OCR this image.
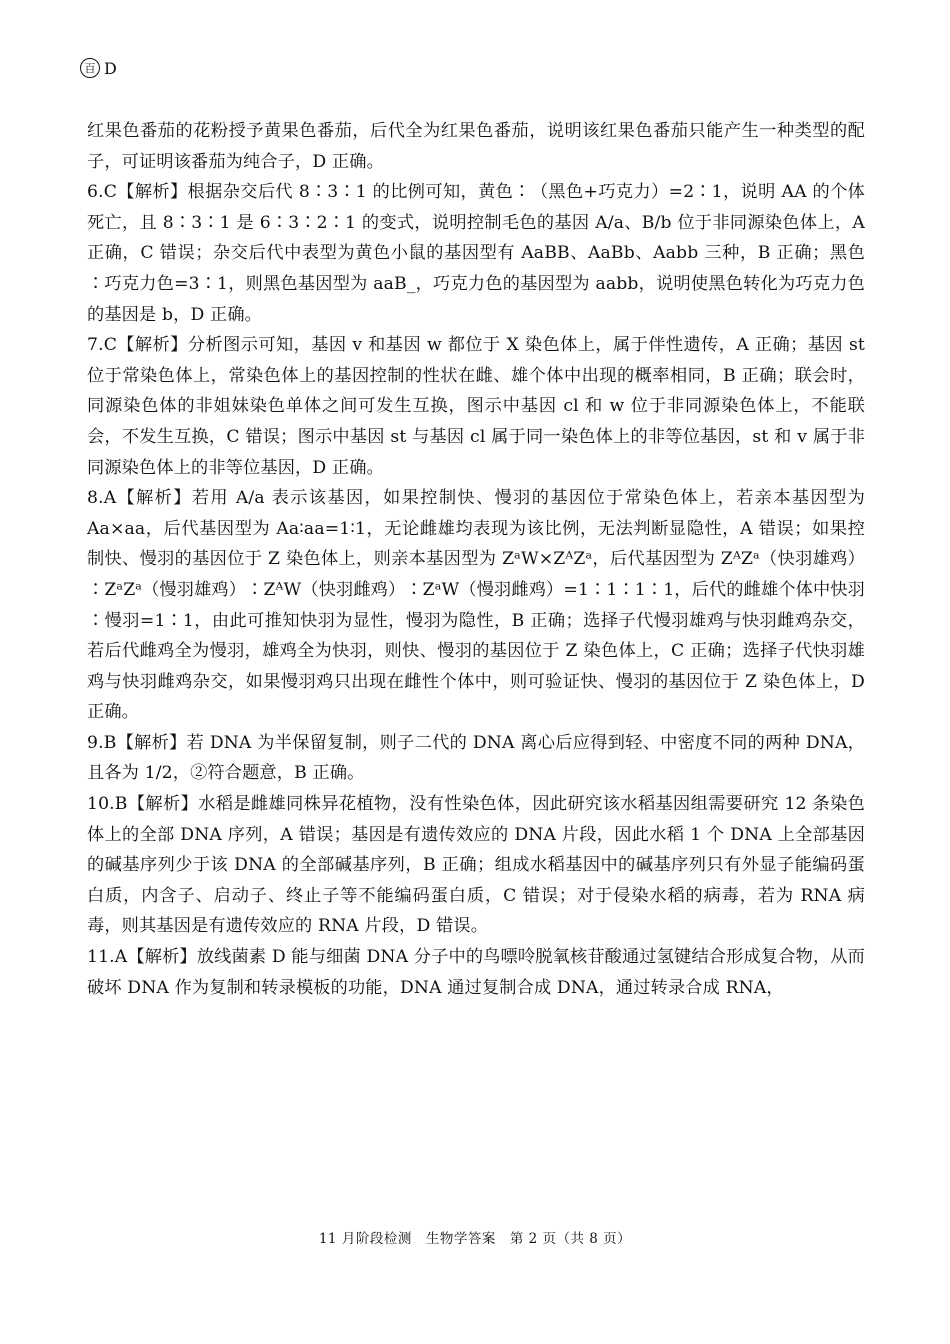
百 D

红果色番茄的花粉授予黄果色番茄，后代全为红果色番茄，说明该红果色番茄只能产生一种类型的配子，可证明该番茄为纯合子，D 正确。

6.C【解析】根据杂交后代 8∶3∶1 的比例可知，黄色∶（黑色+巧克力）=2∶1，说明 AA 的个体死亡，且 8∶3∶1 是 6∶3∶2∶1 的变式，说明控制毛色的基因 A/a、B/b 位于非同源染色体上，A 正确，C 错误；杂交后代中表型为黄色小鼠的基因型有 AaBB、AaBb、Aabb 三种，B 正确；黑色∶巧克力色=3∶1，则黑色基因型为 aaB_，巧克力色的基因型为 aabb，说明使黑色转化为巧克力色的基因是 b，D 正确。

7.C【解析】分析图示可知，基因 v 和基因 w 都位于 X 染色体上，属于伴性遗传，A 正确；基因 st 位于常染色体上，常染色体上的基因控制的性状在雌、雄个体中出现的概率相同，B 正确；联会时，同源染色体的非姐妹染色单体之间可发生互换，图示中基因 cl 和 w 位于非同源染色体上，不能联会，不发生互换，C 错误；图示中基因 st 与基因 cl 属于同一染色体上的非等位基因，st 和 v 属于非同源染色体上的非等位基因，D 正确。

8.A【解析】若用 A/a 表示该基因，如果控制快、慢羽的基因位于常染色体上，若亲本基因型为 Aa×aa，后代基因型为 Aa∶aa=1∶1，无论雌雄均表现为该比例，无法判断显隐性，A 错误；如果控制快、慢羽的基因位于 Z 染色体上，则亲本基因型为 ZᵃW×ZᴬZᵃ，后代基因型为 ZᴬZᵃ（快羽雄鸡）∶ZᵃZᵃ（慢羽雄鸡）∶ZᴬW（快羽雌鸡）∶ZᵃW（慢羽雌鸡）=1∶1∶1∶1，后代的雌雄个体中快羽∶慢羽=1∶1，由此可推知快羽为显性，慢羽为隐性，B 正确；选择子代慢羽雄鸡与快羽雌鸡杂交，若后代雌鸡全为慢羽，雄鸡全为快羽，则快、慢羽的基因位于 Z 染色体上，C 正确；选择子代快羽雄鸡与快羽雌鸡杂交，如果慢羽鸡只出现在雌性个体中，则可验证快、慢羽的基因位于 Z 染色体上，D 正确。

9.B【解析】若 DNA 为半保留复制，则子二代的 DNA 离心后应得到轻、中密度不同的两种 DNA，且各为 1/2，②符合题意，B 正确。

10.B【解析】水稻是雌雄同株异花植物，没有性染色体，因此研究该水稻基因组需要研究 12 条染色体上的全部 DNA 序列，A 错误；基因是有遗传效应的 DNA 片段，因此水稻 1 个 DNA 上全部基因的碱基序列少于该 DNA 的全部碱基序列，B 正确；组成水稻基因中的碱基序列只有外显子能编码蛋白质，内含子、启动子、终止子等不能编码蛋白质，C 错误；对于侵染水稻的病毒，若为 RNA 病毒，则其基因是有遗传效应的 RNA 片段，D 错误。

11.A【解析】放线菌素 D 能与细菌 DNA 分子中的鸟嘌呤脱氧核苷酸通过氢键结合形成复合物，从而破坏 DNA 作为复制和转录模板的功能，DNA 通过复制合成 DNA，通过转录合成 RNA，

11 月阶段检测　生物学答案　第 2 页（共 8 页）
